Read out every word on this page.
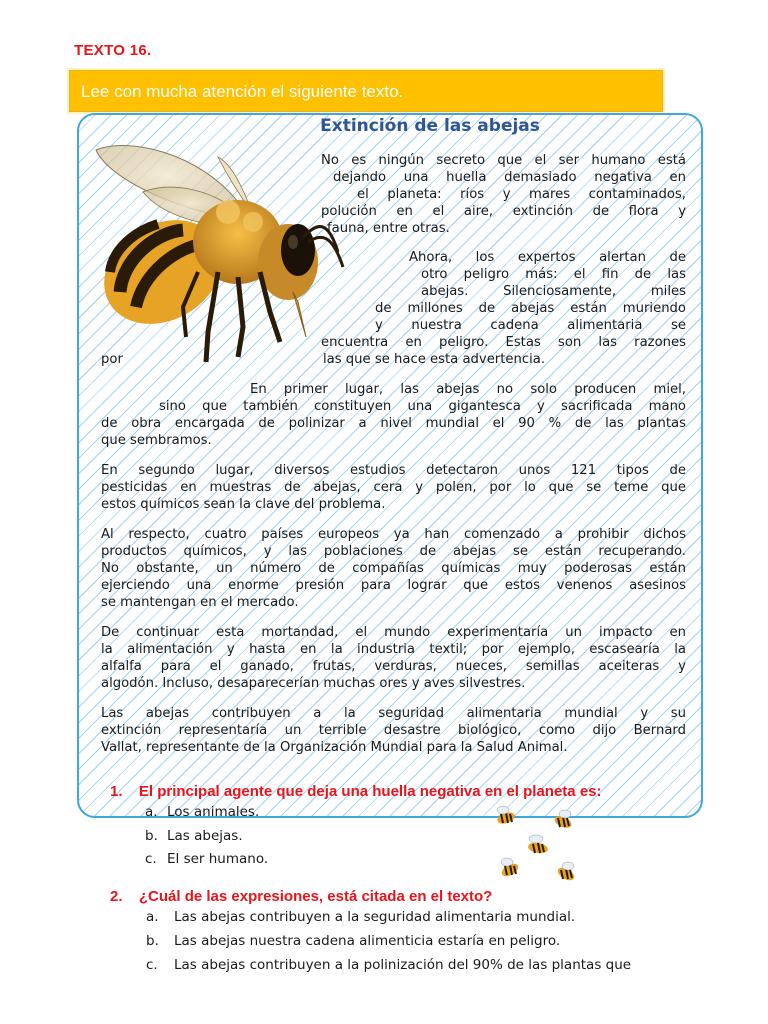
TEXTO 16.
Lee con mucha atención el siguiente texto.
Extinción de las abejas
No es ningún secreto que el ser humano está
dejando una huella demasiado negativa en
el planeta: ríos y mares contaminados,
polución en el aire, extinción de flora y
fauna, entre otras.
Ahora, los expertos alertan de
otro peligro más: el fin de las
abejas. Silenciosamente, miles
de millones de abejas están muriendo
y nuestra cadena alimentaria se
encuentra en peligro. Estas son las razones
por	las que se hace esta advertencia.
En primer lugar, las abejas no solo producen miel,
sino que también constituyen una gigantesca y sacrificada mano
de obra encargada de polinizar a nivel mundial el 90 % de las plantas
que sembramos.
En segundo lugar, diversos estudios detectaron unos 121 tipos de
pesticidas en muestras de abejas, cera y polen, por lo que se teme que
estos químicos sean la clave del problema.
Al respecto, cuatro países europeos ya han comenzado a prohibir dichos
productos químicos, y las poblaciones de abejas se están recuperando.
No obstante, un número de compañías químicas muy poderosas están
ejerciendo una enorme presión para lograr que estos venenos asesinos
se mantengan en el mercado.
De continuar esta mortandad, el mundo experimentaría un impacto en
la alimentación y hasta en la industria textil; por ejemplo, escasearía la
alfalfa para el ganado, frutas, verduras, nueces, semillas aceiteras y
algodón. Incluso, desaparecerían muchas ores y aves silvestres.
Las abejas contribuyen a la seguridad alimentaria mundial y su
extinción representaría un terrible desastre biológico, como dijo Bernard
Vallat, representante de la Organización Mundial para la Salud Animal.
1. El principal agente que deja una huella negativa en el planeta es:
a. Los animales.
b. Las abejas.
c. El ser humano.
2. ¿Cuál de las expresiones, está citada en el texto?
a. Las abejas contribuyen a la seguridad alimentaria mundial.
b. Las abejas nuestra cadena alimenticia estaría en peligro.
c. Las abejas contribuyen a la polinización del 90% de las plantas que
